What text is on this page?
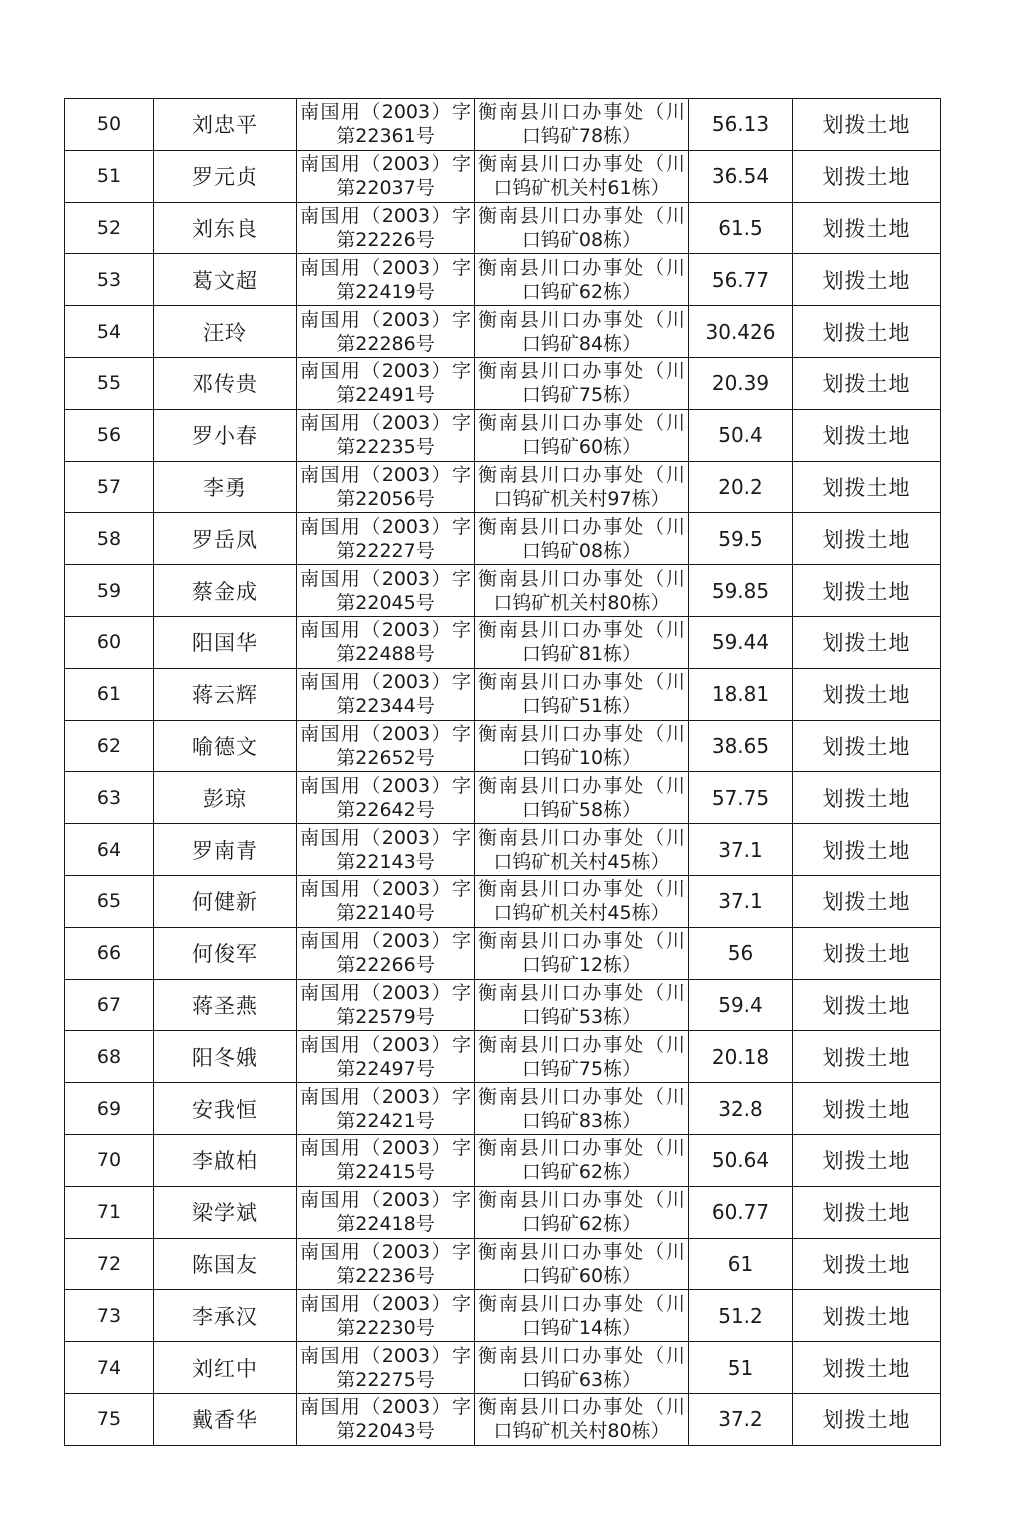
50	刘忠平	南国用（2003）字
第22361号	衡南县川口办事处（川
口钨矿78栋）	56.13	划拨土地
51	罗元贞	南国用（2003）字
第22037号	衡南县川口办事处（川
口钨矿机关村61栋）	36.54	划拨土地
52	刘东良	南国用（2003）字
第22226号	衡南县川口办事处（川
口钨矿08栋）	61.5	划拨土地
53	葛文超	南国用（2003）字
第22419号	衡南县川口办事处（川
口钨矿62栋）	56.77	划拨土地
54	汪玲	南国用（2003）字
第22286号	衡南县川口办事处（川
口钨矿84栋）	30.426	划拨土地
55	邓传贵	南国用（2003）字
第22491号	衡南县川口办事处（川
口钨矿75栋）	20.39	划拨土地
56	罗小春	南国用（2003）字
第22235号	衡南县川口办事处（川
口钨矿60栋）	50.4	划拨土地
57	李勇	南国用（2003）字
第22056号	衡南县川口办事处（川
口钨矿机关村97栋）	20.2	划拨土地
58	罗岳凤	南国用（2003）字
第22227号	衡南县川口办事处（川
口钨矿08栋）	59.5	划拨土地
59	蔡金成	南国用（2003）字
第22045号	衡南县川口办事处（川
口钨矿机关村80栋）	59.85	划拨土地
60	阳国华	南国用（2003）字
第22488号	衡南县川口办事处（川
口钨矿81栋）	59.44	划拨土地
61	蒋云辉	南国用（2003）字
第22344号	衡南县川口办事处（川
口钨矿51栋）	18.81	划拨土地
62	喻德文	南国用（2003）字
第22652号	衡南县川口办事处（川
口钨矿10栋）	38.65	划拨土地
63	彭琼	南国用（2003）字
第22642号	衡南县川口办事处（川
口钨矿58栋）	57.75	划拨土地
64	罗南青	南国用（2003）字
第22143号	衡南县川口办事处（川
口钨矿机关村45栋）	37.1	划拨土地
65	何健新	南国用（2003）字
第22140号	衡南县川口办事处（川
口钨矿机关村45栋）	37.1	划拨土地
66	何俊军	南国用（2003）字
第22266号	衡南县川口办事处（川
口钨矿12栋）	56	划拨土地
67	蒋圣燕	南国用（2003）字
第22579号	衡南县川口办事处（川
口钨矿53栋）	59.4	划拨土地
68	阳冬娥	南国用（2003）字
第22497号	衡南县川口办事处（川
口钨矿75栋）	20.18	划拨土地
69	安我恒	南国用（2003）字
第22421号	衡南县川口办事处（川
口钨矿83栋）	32.8	划拨土地
70	李啟柏	南国用（2003）字
第22415号	衡南县川口办事处（川
口钨矿62栋）	50.64	划拨土地
71	梁学斌	南国用（2003）字
第22418号	衡南县川口办事处（川
口钨矿62栋）	60.77	划拨土地
72	陈国友	南国用（2003）字
第22236号	衡南县川口办事处（川
口钨矿60栋）	61	划拨土地
73	李承汉	南国用（2003）字
第22230号	衡南县川口办事处（川
口钨矿14栋）	51.2	划拨土地
74	刘红中	南国用（2003）字
第22275号	衡南县川口办事处（川
口钨矿63栋）	51	划拨土地
75	戴香华	南国用（2003）字
第22043号	衡南县川口办事处（川
口钨矿机关村80栋）	37.2	划拨土地
